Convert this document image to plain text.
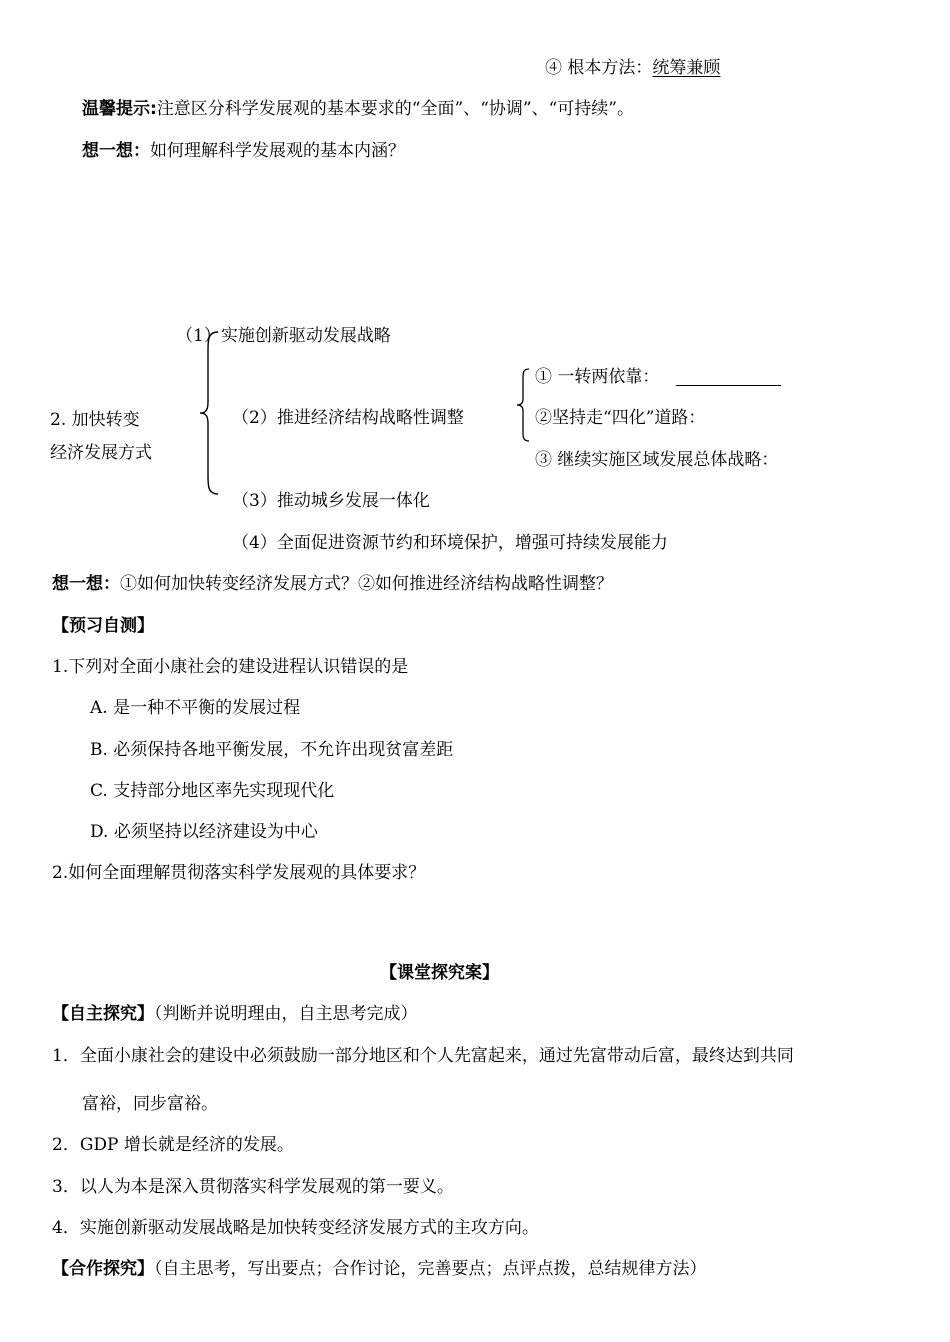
④ 根本方法：统筹兼顾
温馨提示:注意区分科学发展观的基本要求的“全面”、“协调”、“可持续”。
想一想：如何理解科学发展观的基本内涵？
2. 加快转变
经济发展方式
（1）实施创新驱动发展战略
（2）推进经济结构战略性调整
（3）推动城乡发展一体化
（4）全面促进资源节约和环境保护，增强可持续发展能力
① 一转两依靠：
②坚持走“四化”道路：
③ 继续实施区域发展总体战略：
想一想：①如何加快转变经济发展方式？②如何推进经济结构战略性调整？
【预习自测】
1.下列对全面小康社会的建设进程认识错误的是
A. 是一种不平衡的发展过程
B. 必须保持各地平衡发展，不允许出现贫富差距
C. 支持部分地区率先实现现代化
D. 必须坚持以经济建设为中心
2.如何全面理解贯彻落实科学发展观的具体要求？
【课堂探究案】
【自主探究】（判断并说明理由，自主思考完成）
1．全面小康社会的建设中必须鼓励一部分地区和个人先富起来，通过先富带动后富，最终达到共同
富裕，同步富裕。
2．GDP 增长就是经济的发展。
3．以人为本是深入贯彻落实科学发展观的第一要义。
4．实施创新驱动发展战略是加快转变经济发展方式的主攻方向。
【合作探究】（自主思考，写出要点；合作讨论，完善要点；点评点拨，总结规律方法）
